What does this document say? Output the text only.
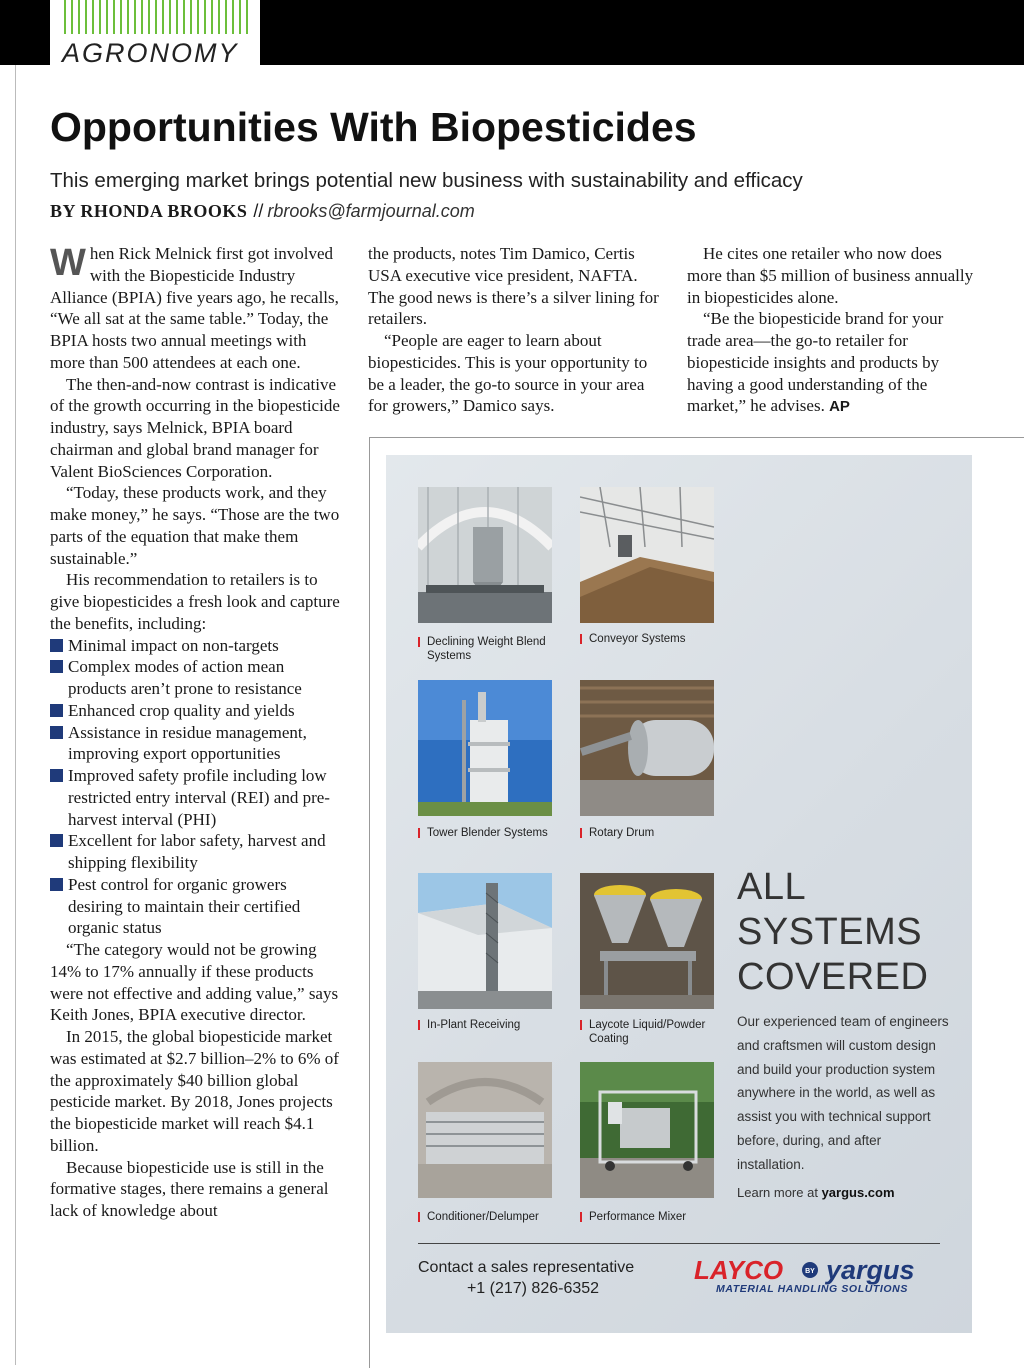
AGRONOMY
Opportunities With Biopesticides
This emerging market brings potential new business with sustainability and efficacy
BY RHONDA BROOKS // rbrooks@farmjournal.com

When Rick Melnick first got involved with the Biopesticide Industry Alliance (BPIA) five years ago, he recalls, “We all sat at the same table.” Today, the BPIA hosts two annual meetings with more than 500 attendees at each one.

The then-and-now contrast is indicative of the growth occurring in the biopesticide industry, says Melnick, BPIA board chairman and global brand manager for Valent BioSciences Corporation.

“Today, these products work, and they make money,” he says. “Those are the two parts of the equation that make them sustainable.”

His recommendation to retailers is to give biopesticides a fresh look and capture the benefits, including:

Minimal impact on non-targets
Complex modes of action mean products aren’t prone to resistance
Enhanced crop quality and yields
Assistance in residue management, improving export opportunities
Improved safety profile including low restricted entry interval (REI) and pre-harvest interval (PHI)
Excellent for labor safety, harvest and shipping flexibility
Pest control for organic growers desiring to maintain their certified organic status

“The category would not be growing 14% to 17% annually if these products were not effective and adding value,” says Keith Jones, BPIA executive director.

In 2015, the global biopesticide market was estimated at $2.7 billion–2% to 6% of the approximately $40 billion global pesticide market. By 2018, Jones projects the biopesticide market will reach $4.1 billion.

Because biopesticide use is still in the formative stages, there remains a general lack of knowledge about

the products, notes Tim Damico, Certis USA executive vice president, NAFTA. The good news is there’s a silver lining for retailers.

“People are eager to learn about biopesticides. This is your opportunity to be a leader, the go-to source in your area for growers,” Damico says.

He cites one retailer who now does more than $5 million of business annually in biopesticides alone.

“Be the biopesticide brand for your trade area—the go-to retailer for biopesticide insights and products by having a good understanding of the market,” he advises. AP

Declining Weight Blend Systems
Conveyor Systems
Tower Blender Systems	Rotary Drum
In-Plant Receiving	Laycote Liquid/Powder Coating
Conditioner/Delumper	Performance Mixer
ALL
SYSTEMS
COVERED
Our experienced team of engineers and craftsmen will custom design and build your production system anywhere in the world, as well as assist you with technical support before, during, and after installation.
Learn more at yargus.com
Contact a sales representative
+1 (217) 826-6352
LAYCO	BY yargus
MATERIAL HANDLING SOLUTIONS
